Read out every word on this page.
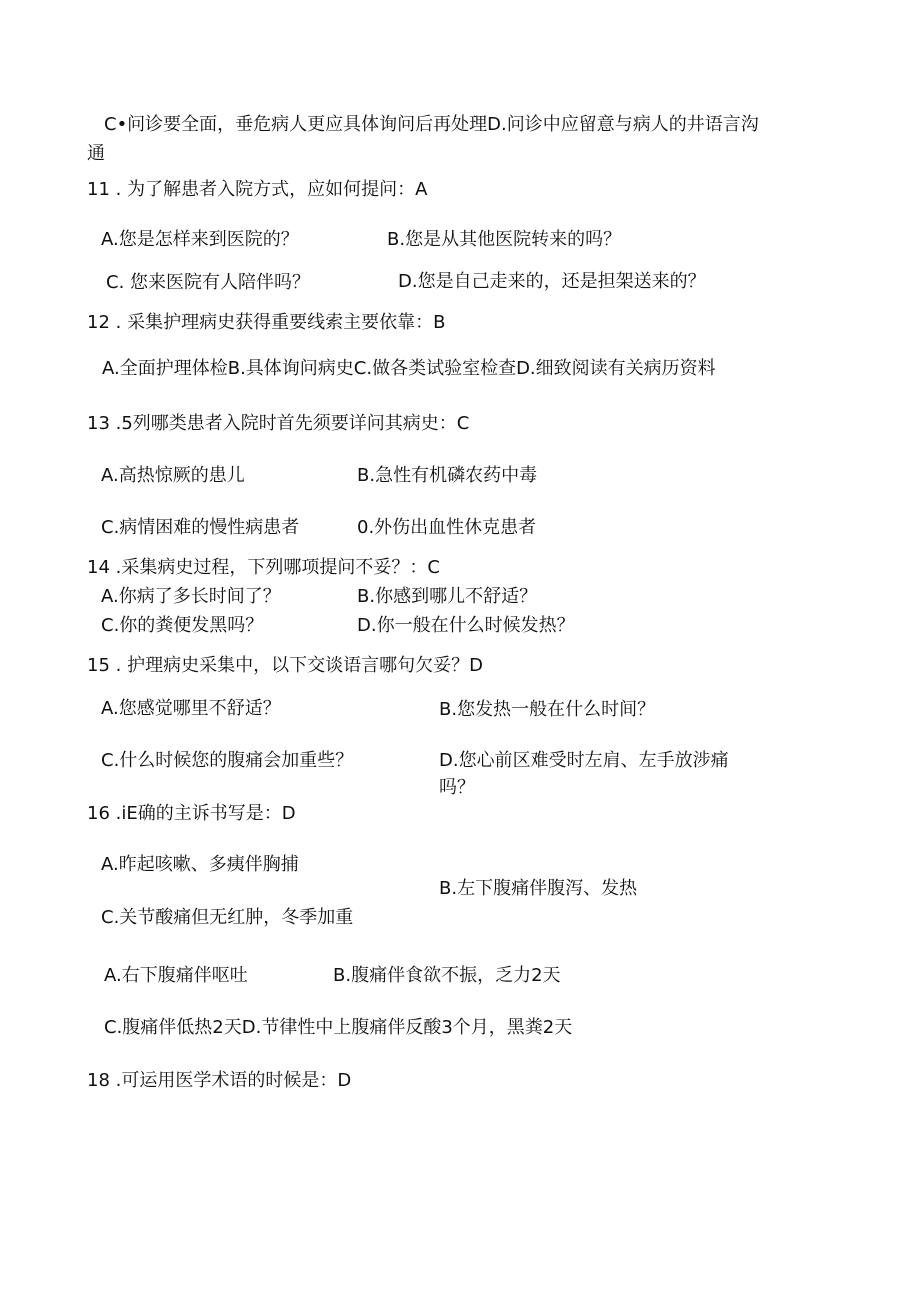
C•问诊要全面，垂危病人更应具体询问后再处理D.问诊中应留意与病人的井语言沟
通
11 . 为了解患者入院方式，应如何提问：A
A.您是怎样来到医院的？	B.您是从其他医院转来的吗？
C. 您来医院有人陪伴吗？	D.您是自己走来的，还是担架送来的？
12 . 采集护理病史获得重要线索主要依靠：B
A.全面护理体检B.具体询问病史C.做各类试验室检查D.细致阅读有关病历资料
13 .5列哪类患者入院时首先须要详问其病史：C
A.高热惊厥的患儿	B.急性有机磷农药中毒
C.病情困难的慢性病患者	0.外伤出血性休克患者
14 .采集病史过程，下列哪项提问不妥？：C
A.你病了多长时间了？	B.你感到哪儿不舒适？
C.你的粪便发黑吗？	D.你一般在什么时候发热？
15 . 护理病史采集中，以下交谈语言哪句欠妥？D
A.您感觉哪里不舒适？	B.您发热一般在什么时间？
C.什么时候您的腹痛会加重些？	D.您心前区难受时左肩、左手放涉痛
吗？
16 .iE确的主诉书写是：D
A.昨起咳嗽、多痍伴胸捕
B.左下腹痛伴腹泻、发热
C.关节酸痛但无红肿，冬季加重
A.右下腹痛伴呕吐	B.腹痛伴食欲不振，乏力2天
C.腹痛伴低热2天D.节律性中上腹痛伴反酸3个月，黑粪2天
18 .可运用医学术语的时候是：D
